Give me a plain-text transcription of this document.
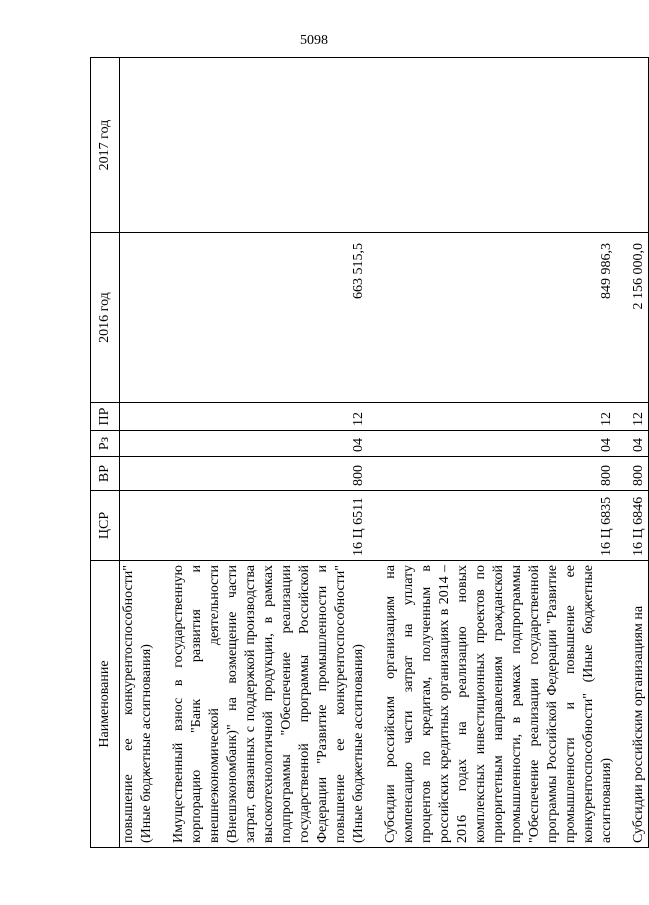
5098
Наименование	ЦСР	ВР	Рз	ПР	2016 год	2017 год
повышение ее конкурентоспособности" (Иные бюджетные ассигнования)						

Имущественный взнос в государственную корпорацию "Банк развития и внешнеэкономической деятельности (Внешэкономбанк)" на возмещение части затрат, связанных с поддержкой производства высокотехнологичной продукции, в рамках подпрограммы "Обеспечение реализации государственной программы Российской Федерации "Развитие промышленности и повышение ее конкурентоспособности" (Иные бюджетные ассигнования)	16 Ц 6511	800	04	12	663 515,5	

Субсидии российским организациям на компенсацию части затрат на уплату процентов по кредитам, полученным в российских кредитных организациях в 2014 – 2016 годах на реализацию новых комплексных инвестиционных проектов по приоритетным направлениям гражданской промышленности, в рамках подпрограммы "Обеспечение реализации государственной программы Российской Федерации "Развитие промышленности и повышение ее конкурентоспособности" (Иные бюджетные ассигнования)	16 Ц 6835	800	04	12	849 986,3	

Субсидии российским организациям на	16 Ц 6846	800	04	12	2 156 000,0	
